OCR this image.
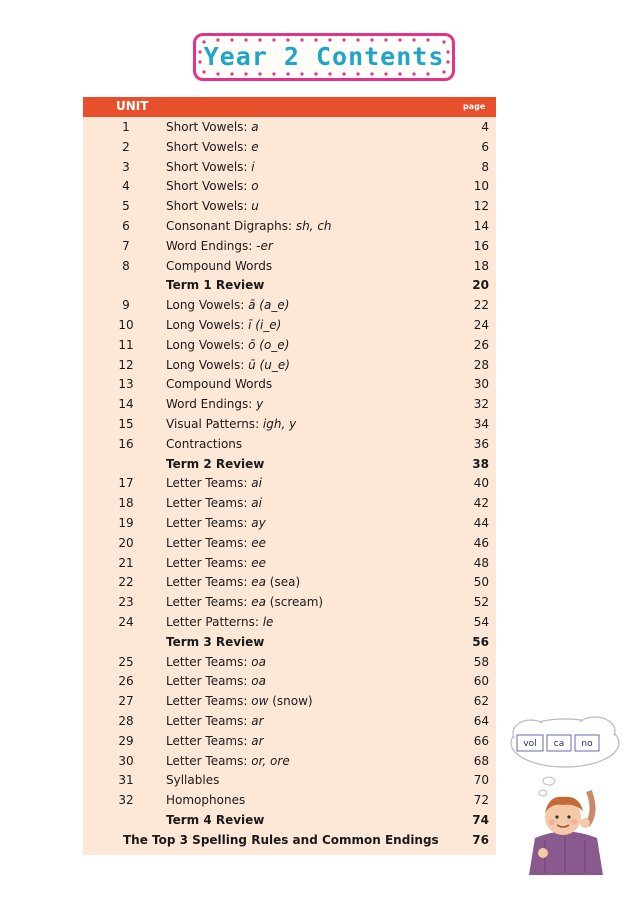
Year 2 Contents
UNIT	page
1	Short Vowels: a	4
2	Short Vowels: e	6
3	Short Vowels: i	8
4	Short Vowels: o	10
5	Short Vowels: u	12
6	Consonant Digraphs: sh, ch	14
7	Word Endings: -er	16
8	Compound Words	18
Term 1 Review	20
9	Long Vowels: ā (a_e)	22
10	Long Vowels: ī (i_e)	24
11	Long Vowels: ō (o_e)	26
12	Long Vowels: ū (u_e)	28
13	Compound Words	30
14	Word Endings: y	32
15	Visual Patterns: igh, y	34
16	Contractions	36
Term 2 Review	38
17	Letter Teams: ai	40
18	Letter Teams: ai	42
19	Letter Teams: ay	44
20	Letter Teams: ee	46
21	Letter Teams: ee	48
22	Letter Teams: ea (sea)	50
23	Letter Teams: ea (scream)	52
24	Letter Patterns: le	54
Term 3 Review	56
25	Letter Teams: oa	58
26	Letter Teams: oa	60
27	Letter Teams: ow (snow)	62
28	Letter Teams: ar	64
29	Letter Teams: ar	66
30	Letter Teams: or, ore	68
31	Syllables	70
32	Homophones	72
Term 4 Review	74
The Top 3 Spelling Rules and Common Endings	76
vol ca no
